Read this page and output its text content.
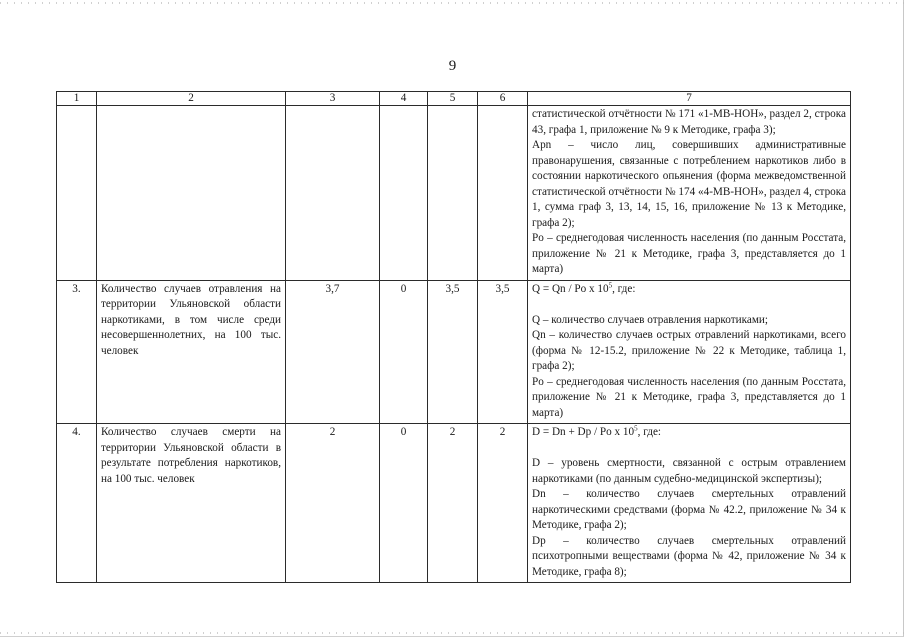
9
1	2	3	4	5	6	7

						статистической отчётности № 171 «1-МВ-НОН», раздел 2, строка 43, графа 1, приложение № 9 к Методике, графа 3);

Apn – число лиц, совершивших административные правонарушения, связанные с потреблением наркотиков либо в состоянии наркотического опьянения (форма межведомственной статистической отчётности № 174 «4-МВ-НОН», раздел 4, строка 1, сумма граф 3, 13, 14, 15, 16, приложение № 13 к Методике, графа 2);

Po – среднегодовая численность населения (по данным Росстата, приложение № 21 к Методике, графа 3, представляется до 1 марта)

3.	Количество случаев отравления на территории Ульяновской области наркотиками, в том числе среди несовершеннолетних, на 100 тыс. человек	3,7	0	3,5	3,5	Q = Qn / Po x $10^5$, где:

Q – количество случаев отравления наркотиками;

Qn – количество случаев острых отравлений наркотиками, всего (форма № 12-15.2, приложение № 22 к Методике, таблица 1, графа 2);

Po – среднегодовая численность населения (по данным Росстата, приложение № 21 к Методике, графа 3, представляется до 1 марта)

4.	Количество случаев смерти на территории Ульяновской области в результате потребления наркотиков, на 100 тыс. человек	2	0	2	2	D = Dn + Dp / Po x $10^5$, где:

D – уровень смертности, связанной с острым отравлением наркотиками (по данным судебно-медицинской экспертизы);

Dn – количество случаев смертельных отравлений наркотическими средствами (форма № 42.2, приложение № 34 к Методике, графа 2);

Dp – количество случаев смертельных отравлений психотропными веществами (форма № 42, приложение № 34 к Методике, графа 8);
